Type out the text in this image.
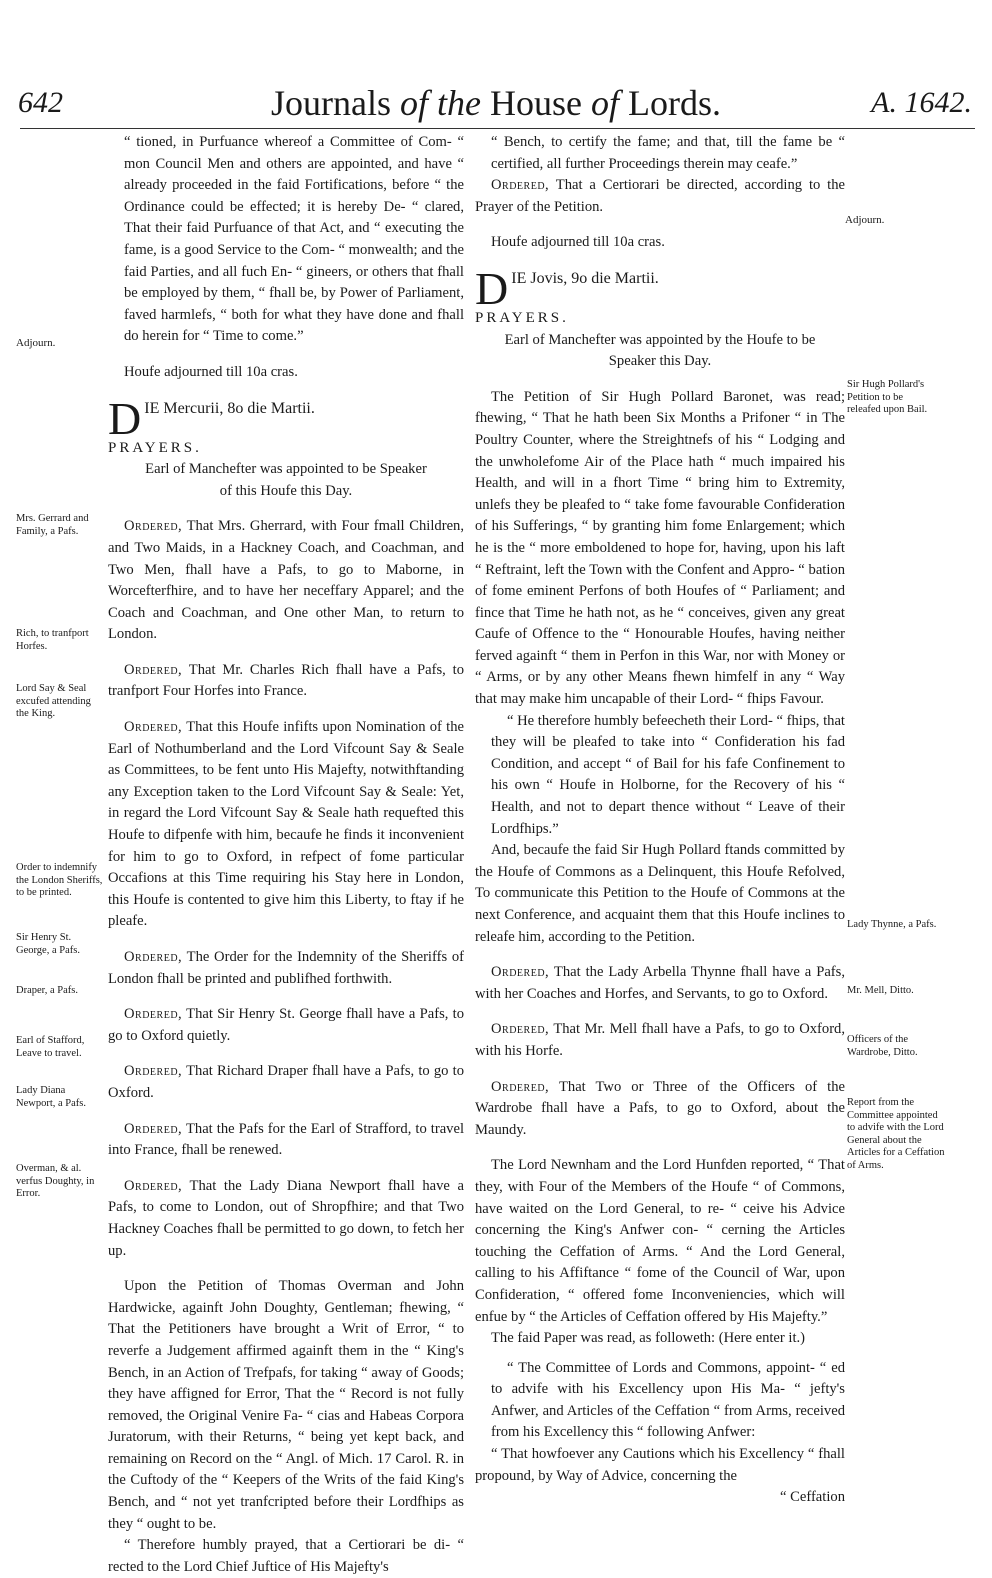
642	Journals of the House of Lords.	A. 1642.

“ tioned, in Purfuance whereof a Committee of Com- “ mon Council Men and others are appointed, and have “ already proceeded in the faid Fortifications, before “ the Ordinance could be effected; it is hereby De- “ clared, That their faid Purfuance of that Act, and “ executing the fame, is a good Service to the Com- “ monwealth; and the faid Parties, and all fuch En- “ gineers, or others that fhall be employed by them, “ fhall be, by Power of Parliament, faved harmlefs, “ both for what they have done and fhall do herein for “ Time to come.”

Houfe adjourned till 10a cras.

DIE Mercurii, 8o die Martii.

PRAYERS.

Earl of Manchefter was appointed to be Speaker of this Houfe this Day.

Ordered, That Mrs. Gherrard, with Four fmall Children, and Two Maids, in a Hackney Coach, and Coachman, and Two Men, fhall have a Pafs, to go to Maborne, in Worcefterfhire, and to have her neceffary Apparel; and the Coach and Coachman, and One other Man, to return to London.

Ordered, That Mr. Charles Rich fhall have a Pafs, to tranfport Four Horfes into France.

Ordered, That this Houfe infifts upon Nomination of the Earl of Nothumberland and the Lord Vifcount Say & Seale as Committees, to be fent unto His Majefty, notwithftanding any Exception taken to the Lord Vifcount Say & Seale: Yet, in regard the Lord Vifcount Say & Seale hath requefted this Houfe to difpenfe with him, becaufe he finds it inconvenient for him to go to Oxford, in refpect of fome particular Occafions at this Time requiring his Stay here in London, this Houfe is contented to give him this Liberty, to ftay if he pleafe.

Ordered, The Order for the Indemnity of the Sheriffs of London fhall be printed and publifhed forthwith.

Ordered, That Sir Henry St. George fhall have a Pafs, to go to Oxford quietly.

Ordered, That Richard Draper fhall have a Pafs, to go to Oxford.

Ordered, That the Pafs for the Earl of Strafford, to travel into France, fhall be renewed.

Ordered, That the Lady Diana Newport fhall have a Pafs, to come to London, out of Shropfhire; and that Two Hackney Coaches fhall be permitted to go down, to fetch her up.

Upon the Petition of Thomas Overman and John Hardwicke, againft John Doughty, Gentleman; fhewing, “ That the Petitioners have brought a Writ of Error, “ to reverfe a Judgement affirmed againft them in the “ King's Bench, in an Action of Trefpafs, for taking “ away of Goods; they have affigned for Error, That the “ Record is not fully removed, the Original Venire Fa- “ cias and Habeas Corpora Juratorum, with their Returns, “ being yet kept back, and remaining on Record on the “ Angl. of Mich. 17 Carol. R. in the Cuftody of the “ Keepers of the Writs of the faid King's Bench, and “ not yet tranfcripted before their Lordfhips as they “ ought to be.

“ Therefore humbly prayed, that a Certiorari be di- “ rected to the Lord Chief Juftice of His Majefty's

“ Bench, to certify the fame; and that, till the fame be “ certified, all further Proceedings therein may ceafe.”

Ordered, That a Certiorari be directed, according to the Prayer of the Petition.

Houfe adjourned till 10a cras.

DIE Jovis, 9o die Martii.

PRAYERS.

Earl of Manchefter was appointed by the Houfe to be Speaker this Day.

The Petition of Sir Hugh Pollard Baronet, was read; fhewing, “ That he hath been Six Months a Prifoner “ in The Poultry Counter, where the Streightnefs of his “ Lodging and the unwholefome Air of the Place hath “ much impaired his Health, and will in a fhort Time “ bring him to Extremity, unlefs they be pleafed to “ take fome favourable Confideration of his Sufferings, “ by granting him fome Enlargement; which he is the “ more emboldened to hope for, having, upon his laft “ Reftraint, left the Town with the Confent and Appro- “ bation of fome eminent Perfons of both Houfes of “ Parliament; and fince that Time he hath not, as he “ conceives, given any great Caufe of Offence to the “ Honourable Houfes, having neither ferved againft “ them in Perfon in this War, nor with Money or “ Arms, or by any other Means fhewn himfelf in any “ Way that may make him uncapable of their Lord- “ fhips Favour.

“ He therefore humbly befeecheth their Lord- “ fhips, that they will be pleafed to take into “ Confideration his fad Condition, and accept “ of Bail for his fafe Confinement to his own “ Houfe in Holborne, for the Recovery of his “ Health, and not to depart thence without “ Leave of their Lordfhips.”

And, becaufe the faid Sir Hugh Pollard ftands committed by the Houfe of Commons as a Delinquent, this Houfe Refolved, To communicate this Petition to the Houfe of Commons at the next Conference, and acquaint them that this Houfe inclines to releafe him, according to the Petition.

Ordered, That the Lady Arbella Thynne fhall have a Pafs, with her Coaches and Horfes, and Servants, to go to Oxford.

Ordered, That Mr. Mell fhall have a Pafs, to go to Oxford, with his Horfe.

Ordered, That Two or Three of the Officers of the Wardrobe fhall have a Pafs, to go to Oxford, about the Maundy.

The Lord Newnham and the Lord Hunfden reported, “ That they, with Four of the Members of the Houfe “ of Commons, have waited on the Lord General, to re- “ ceive his Advice concerning the King's Anfwer con- “ cerning the Articles touching the Ceffation of Arms. “ And the Lord General, calling to his Affiftance “ fome of the Council of War, upon Confideration, “ offered fome Inconveniencies, which will enfue by “ the Articles of Ceffation offered by His Majefty.”

The faid Paper was read, as followeth: (Here enter it.)

“ The Committee of Lords and Commons, appoint- “ ed to advife with his Excellency upon His Ma- “ jefty's Anfwer, and Articles of the Ceffation “ from Arms, received from his Excellency this “ following Anfwer:

“ That howfoever any Cautions which his Excellency “ fhall propound, by Way of Advice, concerning the

“ Ceffation

Adjourn.
Adjourn.
Mrs. Gerrard and Family, a Pafs.
Rich, to tranfport Horfes.
Lord Say & Seal excufed attending the King.
Order to indemnify the London Sheriffs, to be printed.
Sir Henry St. George, a Pafs.
Draper, a Pafs.
Earl of Stafford, Leave to travel.
Lady Diana Newport, a Pafs.
Overman, & al. verfus Doughty, in Error.
Sir Hugh Pollard's Petition to be releafed upon Bail.
Lady Thynne, a Pafs.
Mr. Mell, Ditto.
Officers of the Wardrobe, Ditto.
Report from the Committee appointed to advife with the Lord General about the Articles for a Ceffation of Arms.
